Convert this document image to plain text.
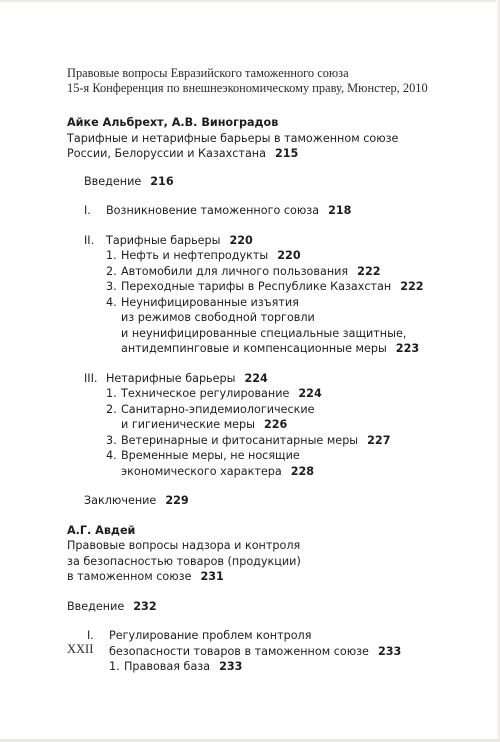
Правовые вопросы Евразийского таможенного союза
15-я Конференция по внешнеэкономическому праву, Мюнстер, 2010
Айке Альбрехт, А.В. Виноградов
Тарифные и нетарифные барьеры в таможенном союзе
России, Белоруссии и Казахстана 215
Введение 216
I.	Возникновение таможенного союза 218
II.	Тарифные барьеры 220
1. Нефть и нефтепродукты 220
2. Автомобили для личного пользования 222
3. Переходные тарифы в Республике Казахстан 222
4. Неунифицированные изъятия
из режимов свободной торговли
и неунифицированные специальные защитные,
антидемпинговые и компенсационные меры 223
III. Нетарифные барьеры 224
1. Техническое регулирование 224
2. Санитарно-эпидемиологические
и гигиенические меры 226
3. Ветеринарные и фитосанитарные меры 227
4. Временные меры, не носящие
экономического характера 228
Заключение 229
А.Г. Авдей
Правовые вопросы надзора и контроля
за безопасностью товаров (продукции)
в таможенном союзе 231
Введение 232
I.	Регулирование проблем контроля
безопасности товаров в таможенном союзе 233
1. Правовая база 233
XXII
